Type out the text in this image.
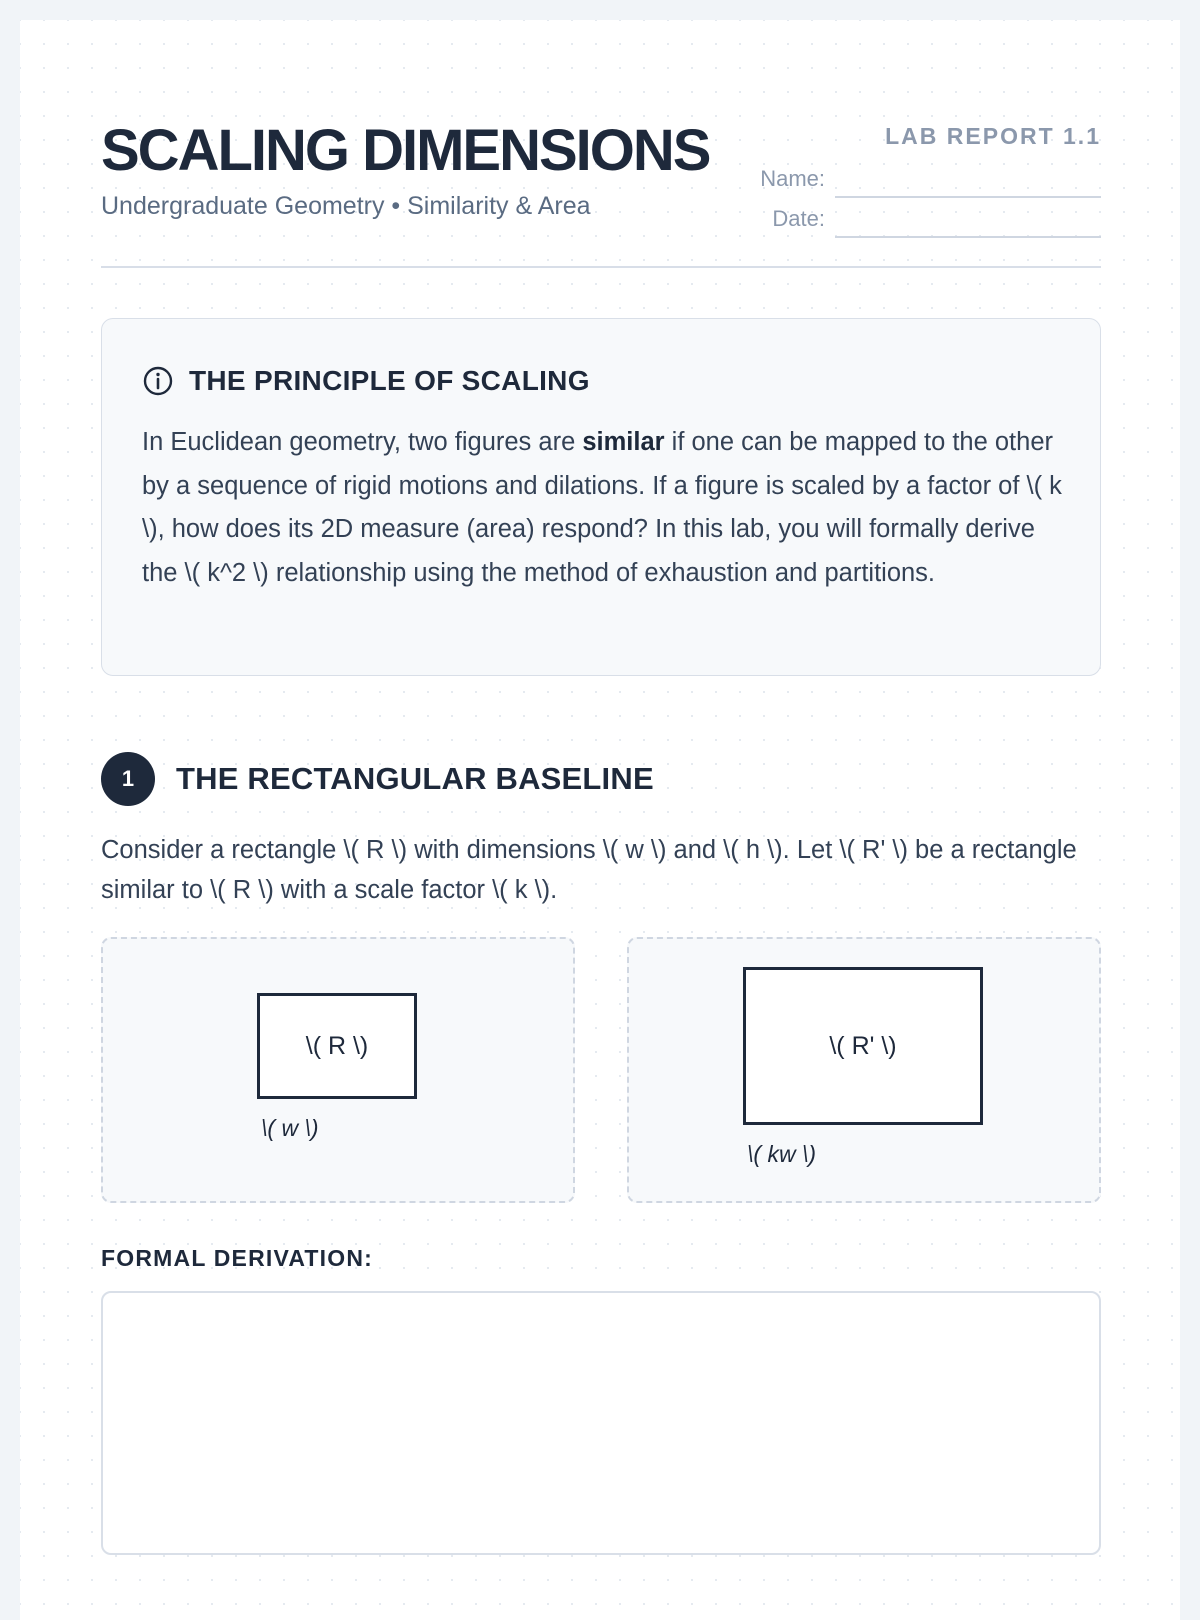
SCALING DIMENSIONS
Undergraduate Geometry • Similarity & Area
LAB REPORT 1.1
Name:
Date:
THE PRINCIPLE OF SCALING

In Euclidean geometry, two figures are similar if one can be mapped to the other by a sequence of rigid motions and dilations. If a figure is scaled by a factor of \( k \), how does its 2D measure (area) respond? In this lab, you will formally derive the \( k^2 \) relationship using the method of exhaustion and partitions.

1	THE RECTANGULAR BASELINE

Consider a rectangle \( R \) with dimensions \( w \) and \( h \). Let \( R' \) be a rectangle similar to \( R \) with a scale factor \( k \).

\( R \)
\( w \)
\( R' \)
\( kw \)
FORMAL DERIVATION:
